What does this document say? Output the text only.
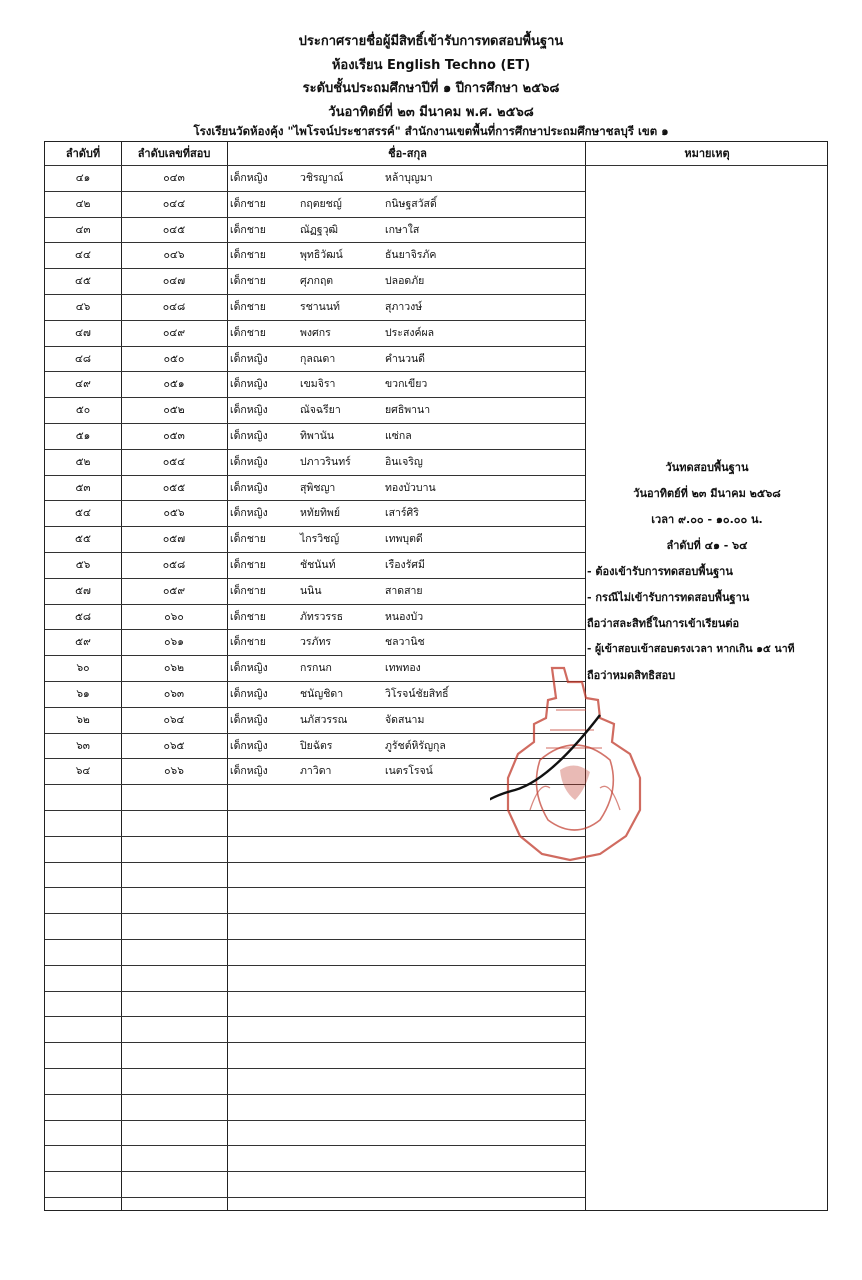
ประกาศรายชื่อผู้มีสิทธิ์เข้ารับการทดสอบพื้นฐาน
ห้องเรียน English Techno (ET)
ระดับชั้นประถมศึกษาปีที่ ๑ ปีการศึกษา ๒๕๖๘
วันอาทิตย์ที่ ๒๓ มีนาคม พ.ศ. ๒๕๖๘
โรงเรียนวัดห้องคุ้ง "ไพโรจน์ประชาสรรค์" สำนักงานเขตพื้นที่การศึกษาประถมศึกษาชลบุรี เขต ๑
ลำดับที่	ลำดับเลขที่สอบ	ชื่อ-สกุล	หมายเหตุ
๔๑	๐๔๓	เด็กหญิง	วชิรญาณ์	หล้าบุญมา
๔๒	๐๔๔	เด็กชาย	กฤตยชญ์	กนิษฐสวัสดิ์
๔๓	๐๔๕	เด็กชาย	ณัฏฐวุฒิ	เกษาใส
๔๔	๐๔๖	เด็กชาย	พุทธิวัฒน์	ธันยาจิรภัค
๔๕	๐๔๗	เด็กชาย	ศุภกฤต	ปลอดภัย
๔๖	๐๔๘	เด็กชาย	รชานนท์	สุภาวงษ์
๔๗	๐๔๙	เด็กชาย	พงศกร	ประสงค์ผล
๔๘	๐๕๐	เด็กหญิง	กุลณดา	คำนวนดี
๔๙	๐๕๑	เด็กหญิง	เขมจิรา	ขวกเขียว
๕๐	๐๕๒	เด็กหญิง	ณัจฉรียา	ยศธิพานา
๕๑	๐๕๓	เด็กหญิง	ทิพานัน	แซ่กล
๕๒	๐๕๔	เด็กหญิง	ปภาวรินทร์	อินเจริญ
๕๓	๐๕๕	เด็กหญิง	สุพิชญา	ทองบัวบาน
๕๔	๐๕๖	เด็กหญิง	หทัยทิพย์	เสาร์ศิริ
๕๕	๐๕๗	เด็กชาย	ไกรวิชญ์	เทพบุตดี
๕๖	๐๕๘	เด็กชาย	ชัชนันท์	เรืองรัศมี
๕๗	๐๕๙	เด็กชาย	นนิน	สาดสาย
๕๘	๐๖๐	เด็กชาย	ภัทรวรรธ	หนองบัว
๕๙	๐๖๑	เด็กชาย	วรภัทร	ชลวานิช
๖๐	๐๖๒	เด็กหญิง	กรกนก	เทพทอง
๖๑	๐๖๓	เด็กหญิง	ชนัญชิดา	วิโรจน์ชัยสิทธิ์
๖๒	๐๖๔	เด็กหญิง	นภัสวรรณ	จัดสนาม
๖๓	๐๖๕	เด็กหญิง	ปิยฉัตร	ภูรัชต์หิรัญกุล
๖๔	๐๖๖	เด็กหญิง	ภาวิดา	เนตรโรจน์
วันทดสอบพื้นฐาน
วันอาทิตย์ที่ ๒๓ มีนาคม ๒๕๖๘
เวลา ๙.๐๐ - ๑๐.๐๐ น.
ลำดับที่ ๔๑ - ๖๔
- ต้องเข้ารับการทดสอบพื้นฐาน
- กรณีไม่เข้ารับการทดสอบพื้นฐาน
ถือว่าสละสิทธิ์ในการเข้าเรียนต่อ
- ผู้เข้าสอบเข้าสอบตรงเวลา หากเกิน ๑๕ นาที
ถือว่าหมดสิทธิสอบ
